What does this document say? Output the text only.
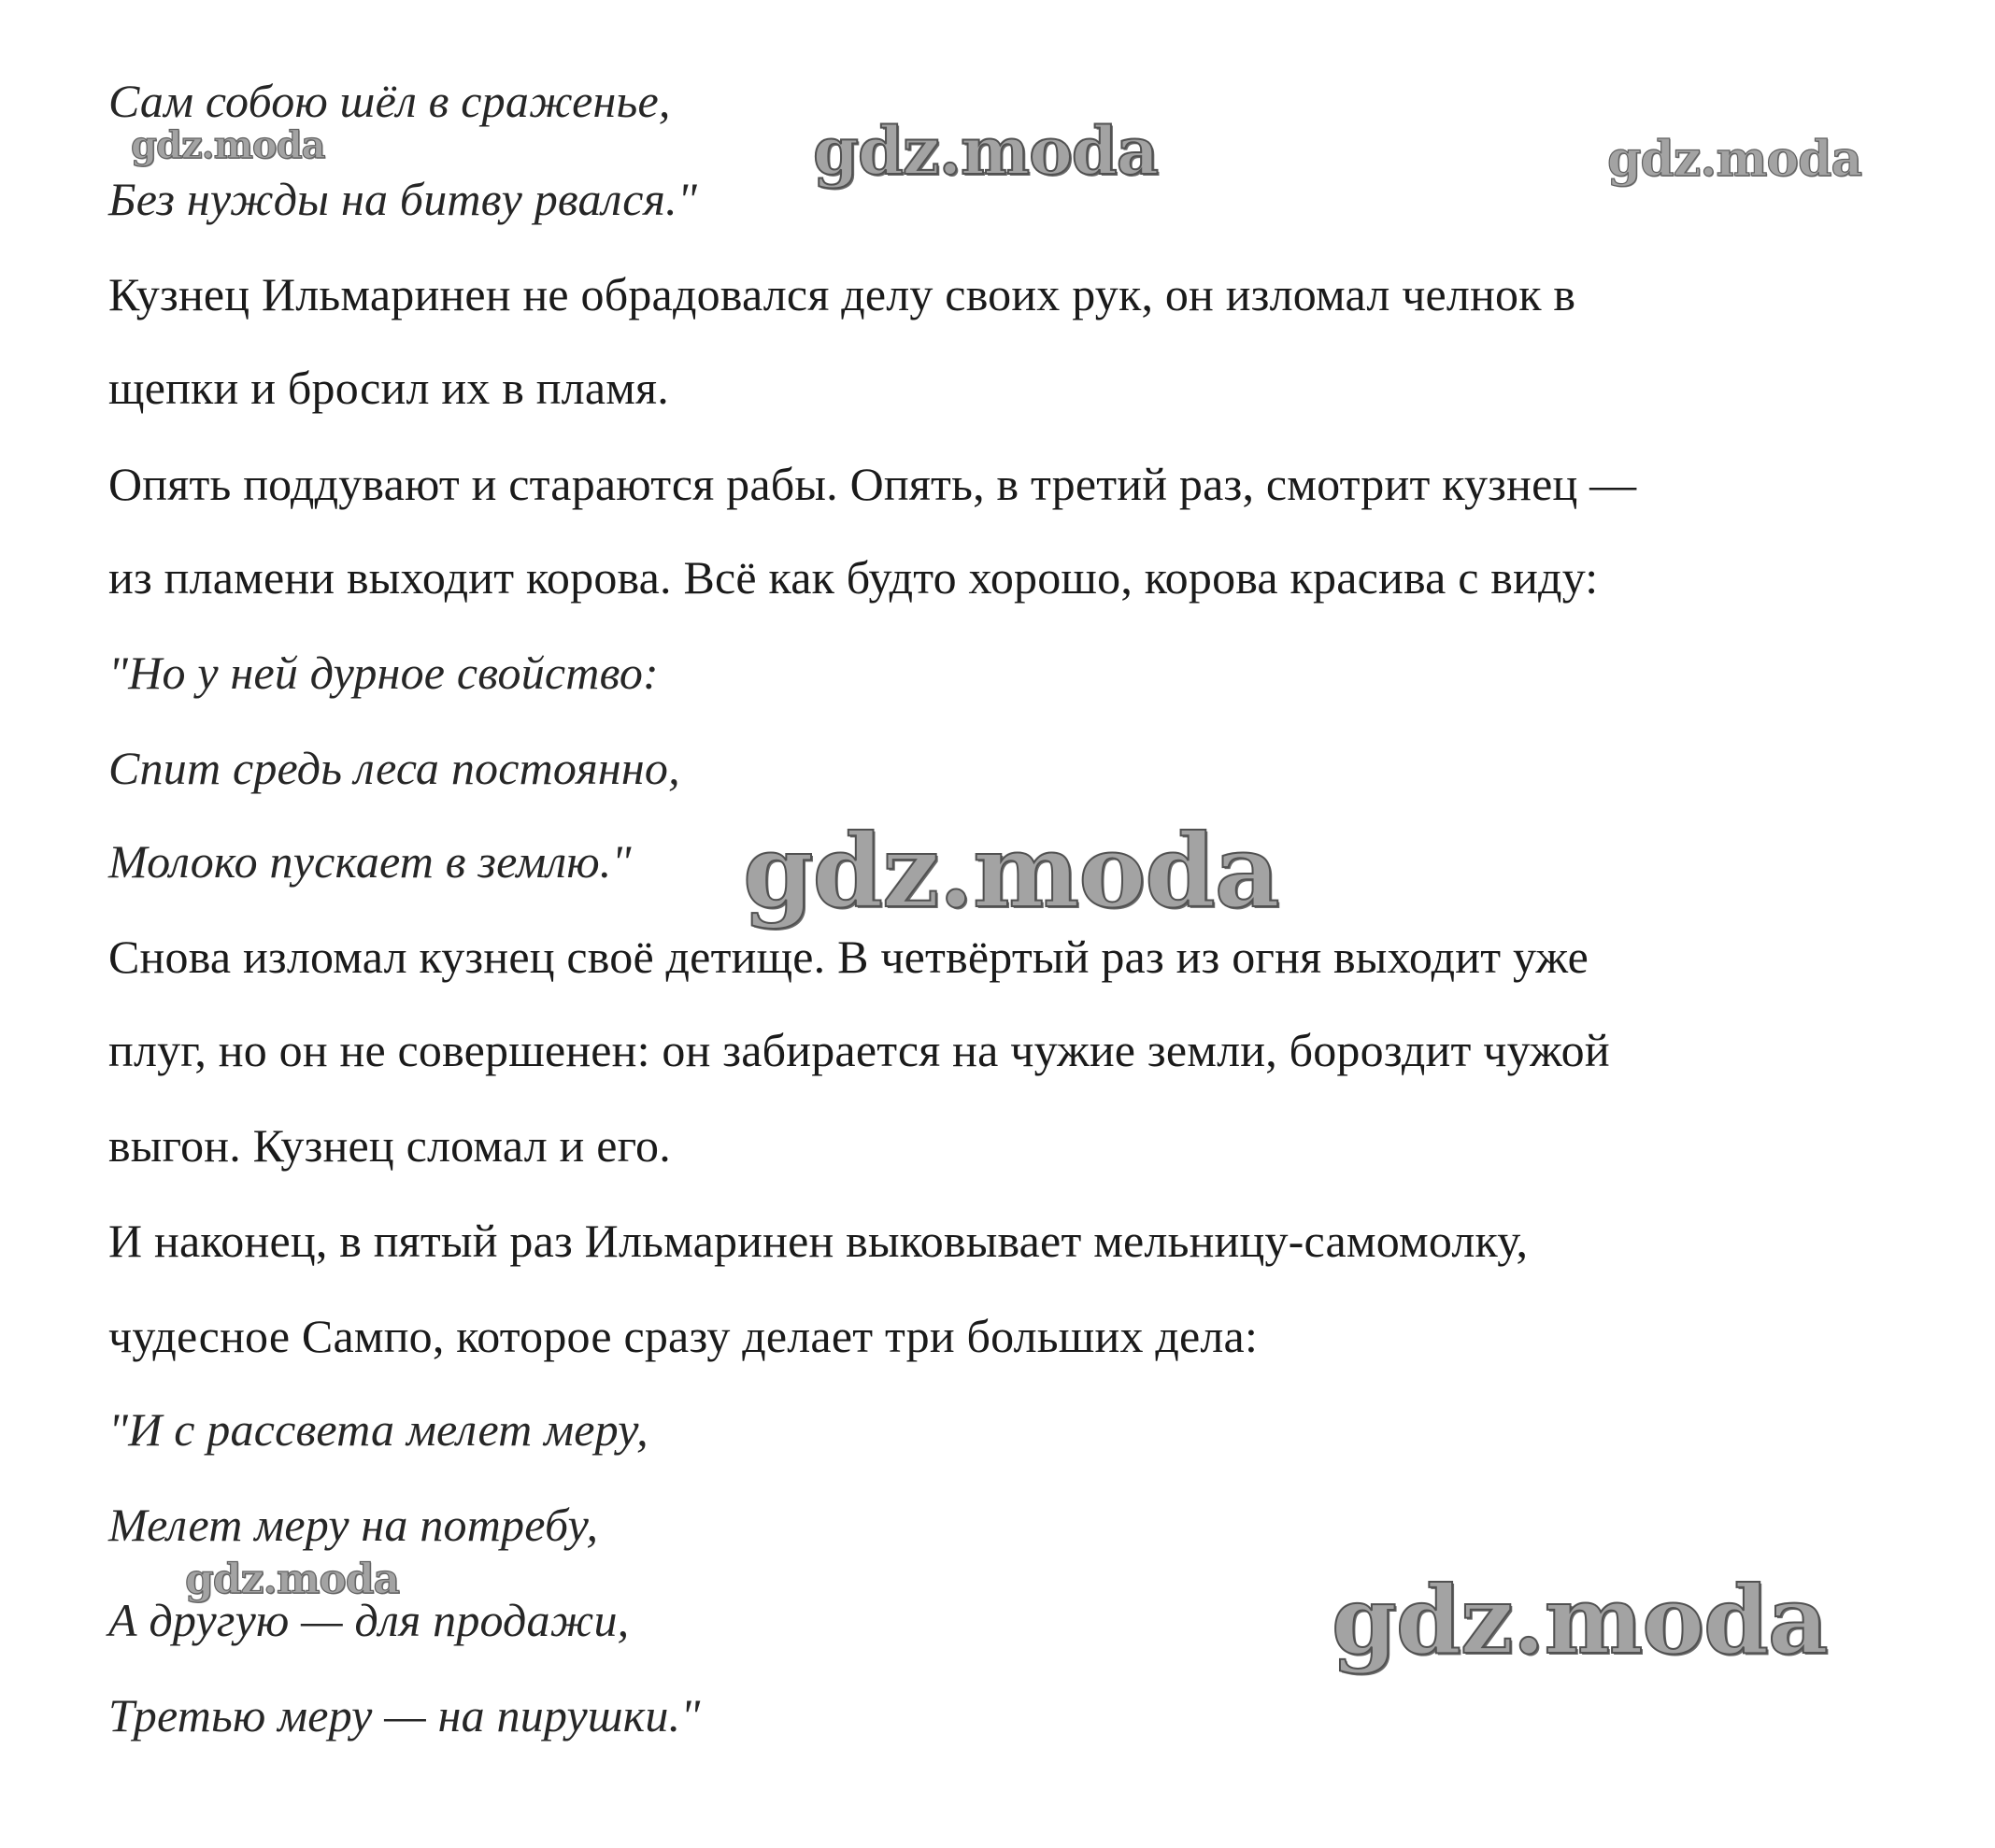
Сам собою шёл в сраженье,
Без нужды на битву рвался."
Кузнец Ильмаринен не обрадовался делу своих рук, он изломал челнок в
щепки и бросил их в пламя.
Опять поддувают и стараются рабы. Опять, в третий раз, смотрит кузнец —
из пламени выходит корова. Всё как будто хорошо, корова красива с виду:
"Но у ней дурное свойство:
Спит средь леса постоянно,
Молоко пускает в землю."
Снова изломал кузнец своё детище. В четвёртый раз из огня выходит уже
плуг, но он не совершенен: он забирается на чужие земли, бороздит чужой
выгон. Кузнец сломал и его.
И наконец, в пятый раз Ильмаринен выковывает мельницу-самомолку,
чудесное Сампо, которое сразу делает три больших дела:
"И с рассвета мелет меру,
Мелет меру на потребу,
А другую — для продажи,
Третью меру — на пирушки."
gdz.moda	gdz.moda	gdz.moda
gdz.moda
gdz.moda	gdz.moda
